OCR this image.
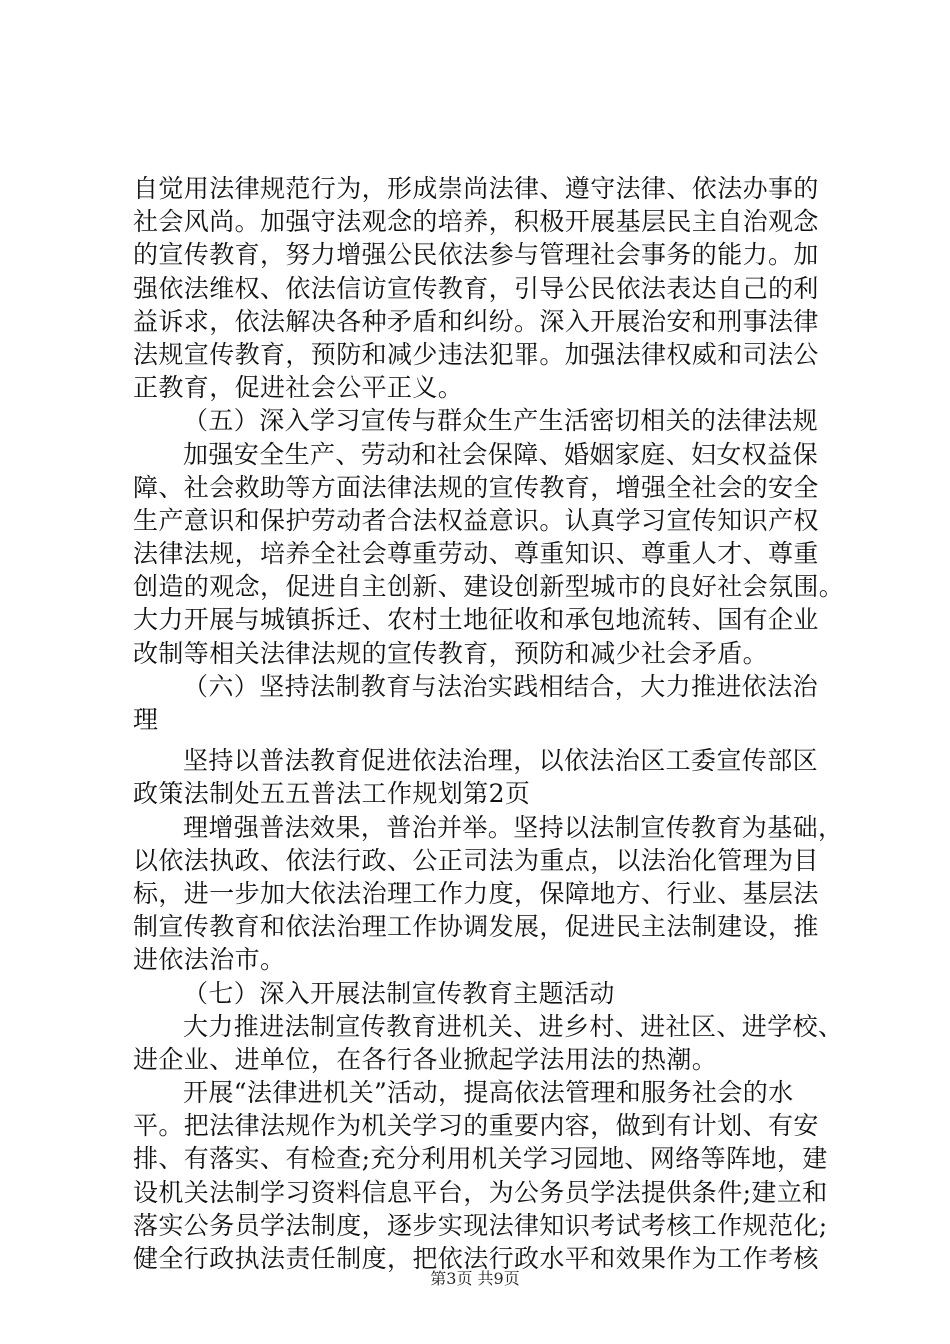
自觉用法律规范行为，形成崇尚法律、遵守法律、依法办事的
社会风尚。加强守法观念的培养，积极开展基层民主自治观念
的宣传教育，努力增强公民依法参与管理社会事务的能力。加
强依法维权、依法信访宣传教育，引导公民依法表达自己的利
益诉求，依法解决各种矛盾和纠纷。深入开展治安和刑事法律
法规宣传教育，预防和减少违法犯罪。加强法律权威和司法公
正教育，促进社会公平正义。
（五）深入学习宣传与群众生产生活密切相关的法律法规
加强安全生产、劳动和社会保障、婚姻家庭、妇女权益保
障、社会救助等方面法律法规的宣传教育，增强全社会的安全
生产意识和保护劳动者合法权益意识。认真学习宣传知识产权
法律法规，培养全社会尊重劳动、尊重知识、尊重人才、尊重
创造的观念，促进自主创新、建设创新型城市的良好社会氛围。
大力开展与城镇拆迁、农村土地征收和承包地流转、国有企业
改制等相关法律法规的宣传教育，预防和减少社会矛盾。
（六）坚持法制教育与法治实践相结合，大力推进依法治
理
坚持以普法教育促进依法治理，以依法治区工委宣传部区
政策法制处五五普法工作规划第2页
理增强普法效果，普治并举。坚持以法制宣传教育为基础，
以依法执政、依法行政、公正司法为重点，以法治化管理为目
标，进一步加大依法治理工作力度，保障地方、行业、基层法
制宣传教育和依法治理工作协调发展，促进民主法制建设，推
进依法治市。
（七）深入开展法制宣传教育主题活动
大力推进法制宣传教育进机关、进乡村、进社区、进学校、
进企业、进单位，在各行各业掀起学法用法的热潮。
开展“法律进机关”活动，提高依法管理和服务社会的水
平。把法律法规作为机关学习的重要内容，做到有计划、有安
排、有落实、有检查;充分利用机关学习园地、网络等阵地，建
设机关法制学习资料信息平台，为公务员学法提供条件;建立和
落实公务员学法制度，逐步实现法律知识考试考核工作规范化;
健全行政执法责任制度，把依法行政水平和效果作为工作考核
第3页 共9页
